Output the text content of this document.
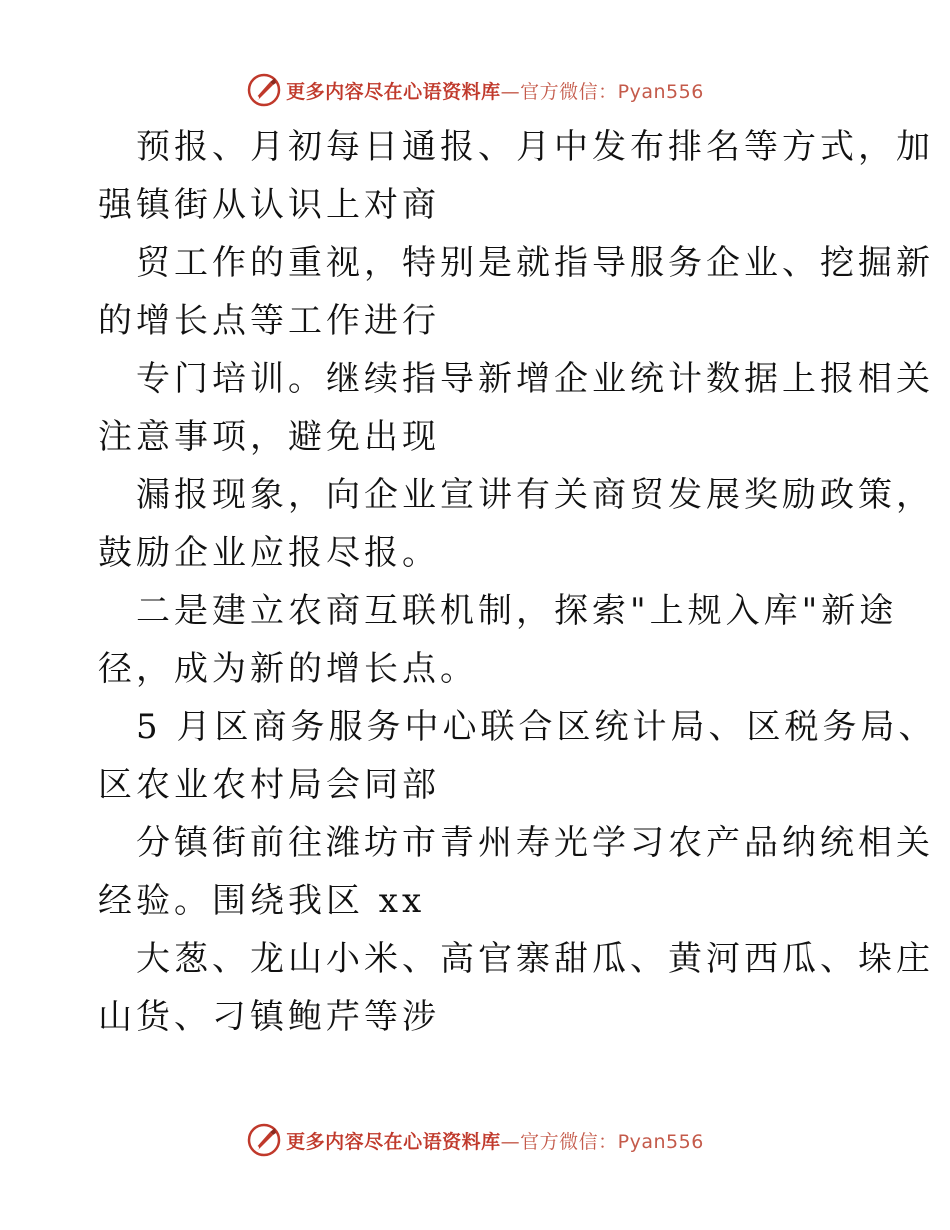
更多内容尽在心语资料库—官方微信：Pyan556

预报、月初每日通报、月中发布排名等方式，加
强镇街从认识上对商

贸工作的重视，特别是就指导服务企业、挖掘新
的增长点等工作进行

专门培训。继续指导新增企业统计数据上报相关
注意事项，避免出现

漏报现象，向企业宣讲有关商贸发展奖励政策，
鼓励企业应报尽报。

二是建立农商互联机制，探索"上规入库"新途
径，成为新的增长点。

5 月区商务服务中心联合区统计局、区税务局、
区农业农村局会同部

分镇街前往潍坊市青州寿光学习农产品纳统相关
经验。围绕我区 xx

大葱、龙山小米、高官寨甜瓜、黄河西瓜、垛庄
山货、刁镇鲍芹等涉

更多内容尽在心语资料库—官方微信：Pyan556
